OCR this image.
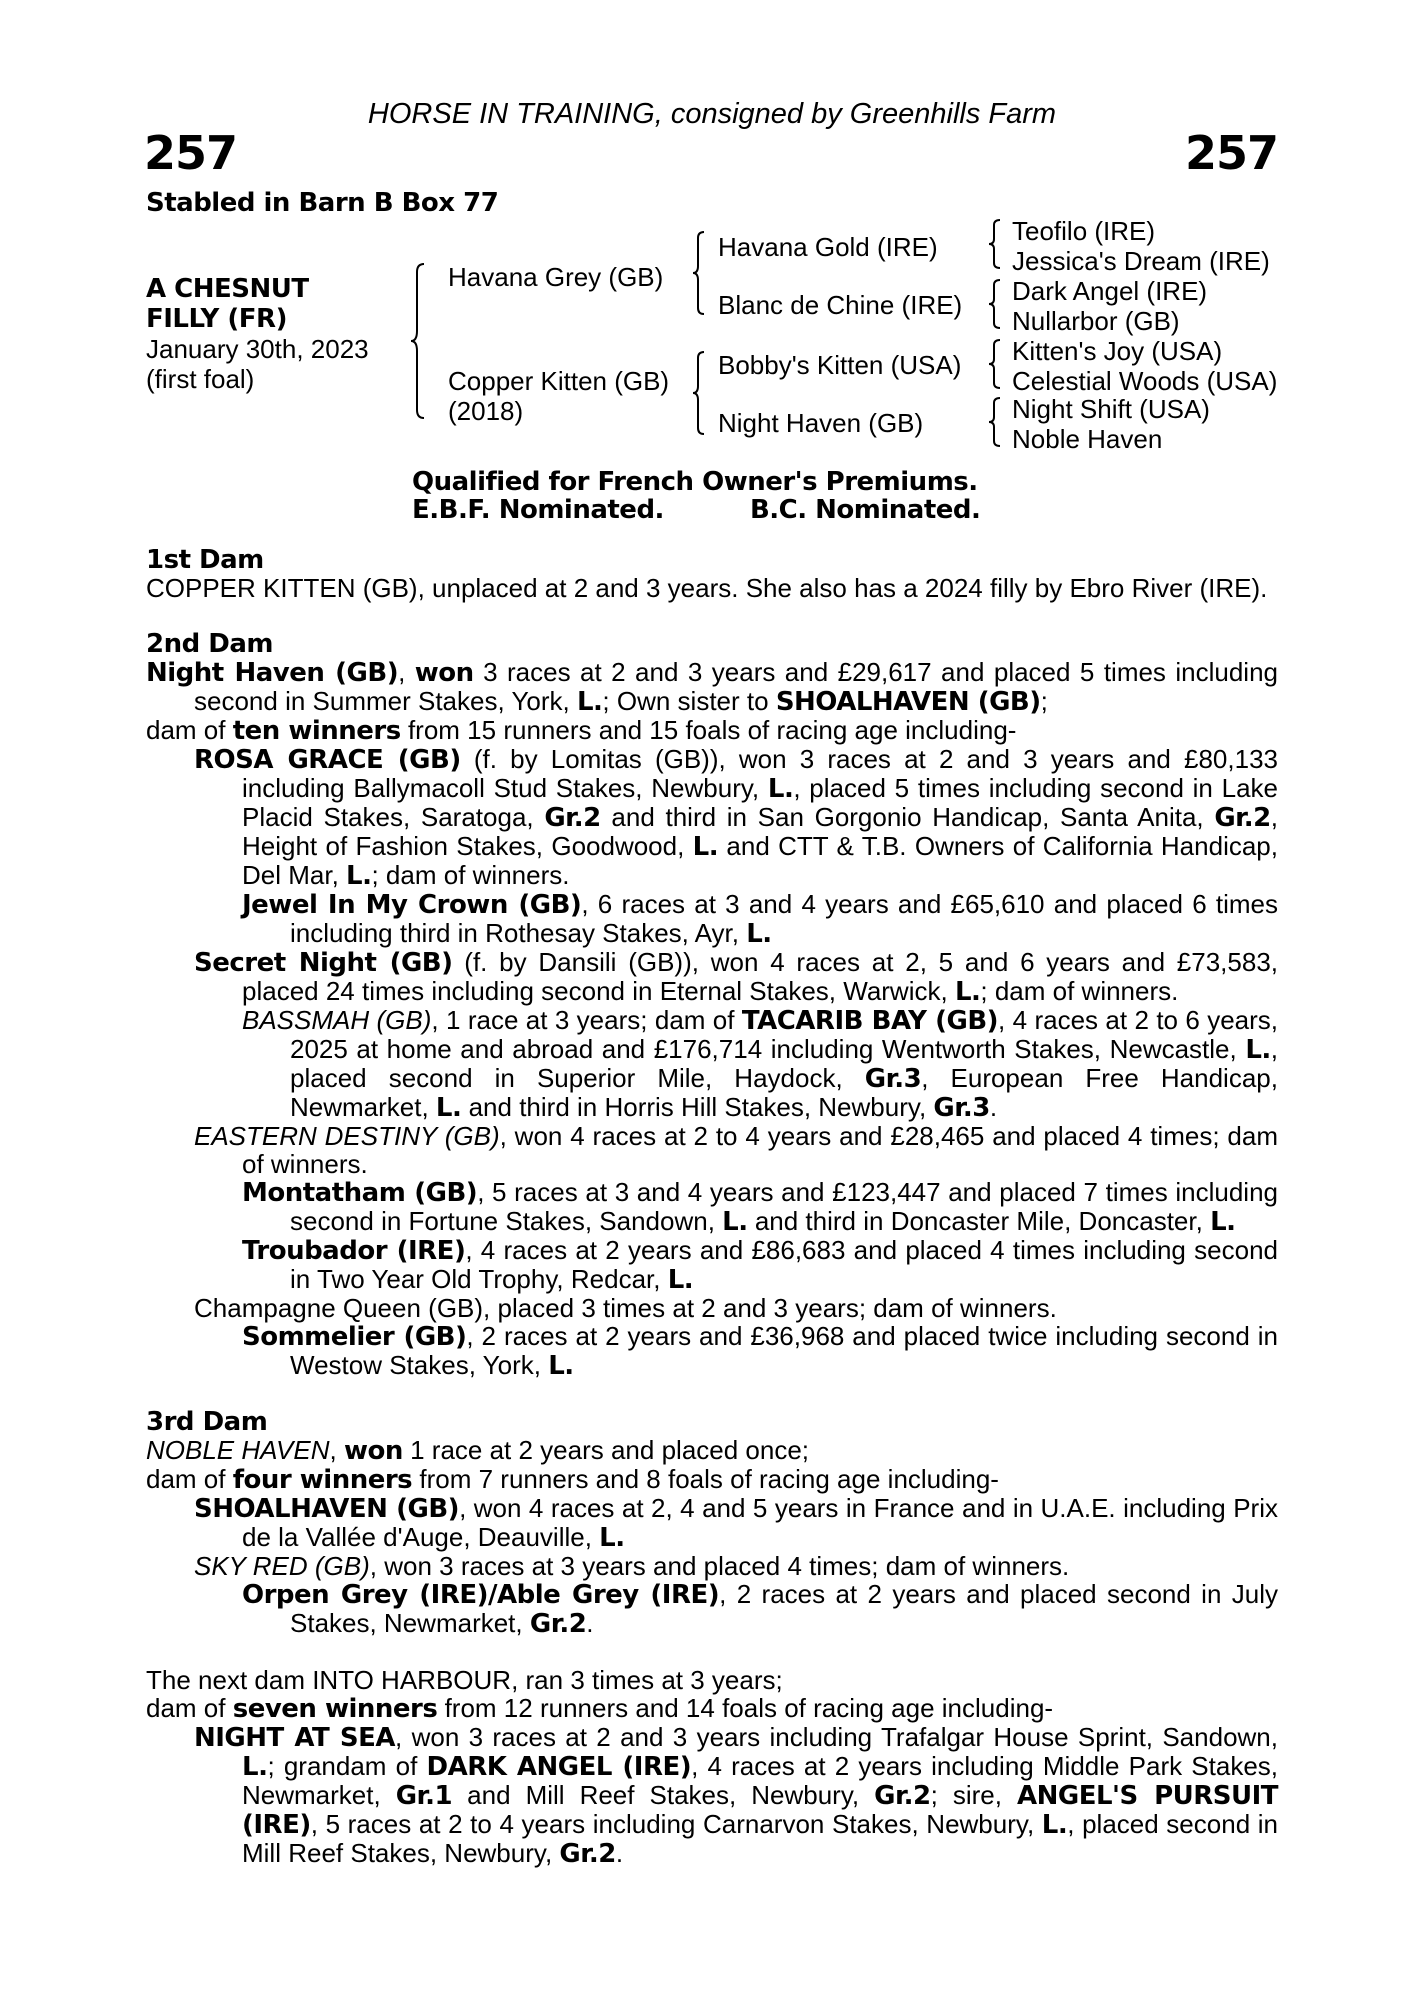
HORSE IN TRAINING, consigned by Greenhills Farm
257	257
Stabled in Barn B Box 77
A CHESNUT
FILLY (FR)
January 30th, 2023
(first foal)
Havana Grey (GB)
Copper Kitten (GB)
(2018)
Havana Gold (IRE)
Blanc de Chine (IRE)
Bobby's Kitten (USA)
Night Haven (GB)
Teofilo (IRE)
Jessica's Dream (IRE)
Dark Angel (IRE)
Nullarbor (GB)
Kitten's Joy (USA)
Celestial Woods (USA)
Night Shift (USA)
Noble Haven
Qualified for French Owner's Premiums.
E.B.F. Nominated.	B.C. Nominated.
1st Dam

COPPER KITTEN (GB), unplaced at 2 and 3 years. She also has a 2024 filly by Ebro River (IRE).

2nd Dam

Night Haven (GB), won 3 races at 2 and 3 years and £29,617 and placed 5 times including second in Summer Stakes, York, L.; Own sister to SHOALHAVEN (GB);

dam of ten winners from 15 runners and 15 foals of racing age including-

ROSA GRACE (GB) (f. by Lomitas (GB)), won 3 races at 2 and 3 years and £80,133 including Ballymacoll Stud Stakes, Newbury, L., placed 5 times including second in Lake Placid Stakes, Saratoga, Gr.2 and third in San Gorgonio Handicap, Santa Anita, Gr.2, Height of Fashion Stakes, Goodwood, L. and CTT & T.B. Owners of California Handicap, Del Mar, L.; dam of winners.

Jewel In My Crown (GB), 6 races at 3 and 4 years and £65,610 and placed 6 times including third in Rothesay Stakes, Ayr, L.

Secret Night (GB) (f. by Dansili (GB)), won 4 races at 2, 5 and 6 years and £73,583, placed 24 times including second in Eternal Stakes, Warwick, L.; dam of winners.

BASSMAH (GB), 1 race at 3 years; dam of TACARIB BAY (GB), 4 races at 2 to 6 years, 2025 at home and abroad and £176,714 including Wentworth Stakes, Newcastle, L., placed second in Superior Mile, Haydock, Gr.3, European Free Handicap, Newmarket, L. and third in Horris Hill Stakes, Newbury, Gr.3.

EASTERN DESTINY (GB), won 4 races at 2 to 4 years and £28,465 and placed 4 times; dam of winners.

Montatham (GB), 5 races at 3 and 4 years and £123,447 and placed 7 times including second in Fortune Stakes, Sandown, L. and third in Doncaster Mile, Doncaster, L.

Troubador (IRE), 4 races at 2 years and £86,683 and placed 4 times including second in Two Year Old Trophy, Redcar, L.

Champagne Queen (GB), placed 3 times at 2 and 3 years; dam of winners.

Sommelier (GB), 2 races at 2 years and £36,968 and placed twice including second in Westow Stakes, York, L.

3rd Dam

NOBLE HAVEN, won 1 race at 2 years and placed once;

dam of four winners from 7 runners and 8 foals of racing age including-

SHOALHAVEN (GB), won 4 races at 2, 4 and 5 years in France and in U.A.E. including Prix de la Vallée d'Auge, Deauville, L.

SKY RED (GB), won 3 races at 3 years and placed 4 times; dam of winners.

Orpen Grey (IRE)/Able Grey (IRE), 2 races at 2 years and placed second in July Stakes, Newmarket, Gr.2.

The next dam INTO HARBOUR, ran 3 times at 3 years;

dam of seven winners from 12 runners and 14 foals of racing age including-

NIGHT AT SEA, won 3 races at 2 and 3 years including Trafalgar House Sprint, Sandown, L.; grandam of DARK ANGEL (IRE), 4 races at 2 years including Middle Park Stakes, Newmarket, Gr.1 and Mill Reef Stakes, Newbury, Gr.2; sire, ANGEL'S PURSUIT (IRE), 5 races at 2 to 4 years including Carnarvon Stakes, Newbury, L., placed second in Mill Reef Stakes, Newbury, Gr.2.
